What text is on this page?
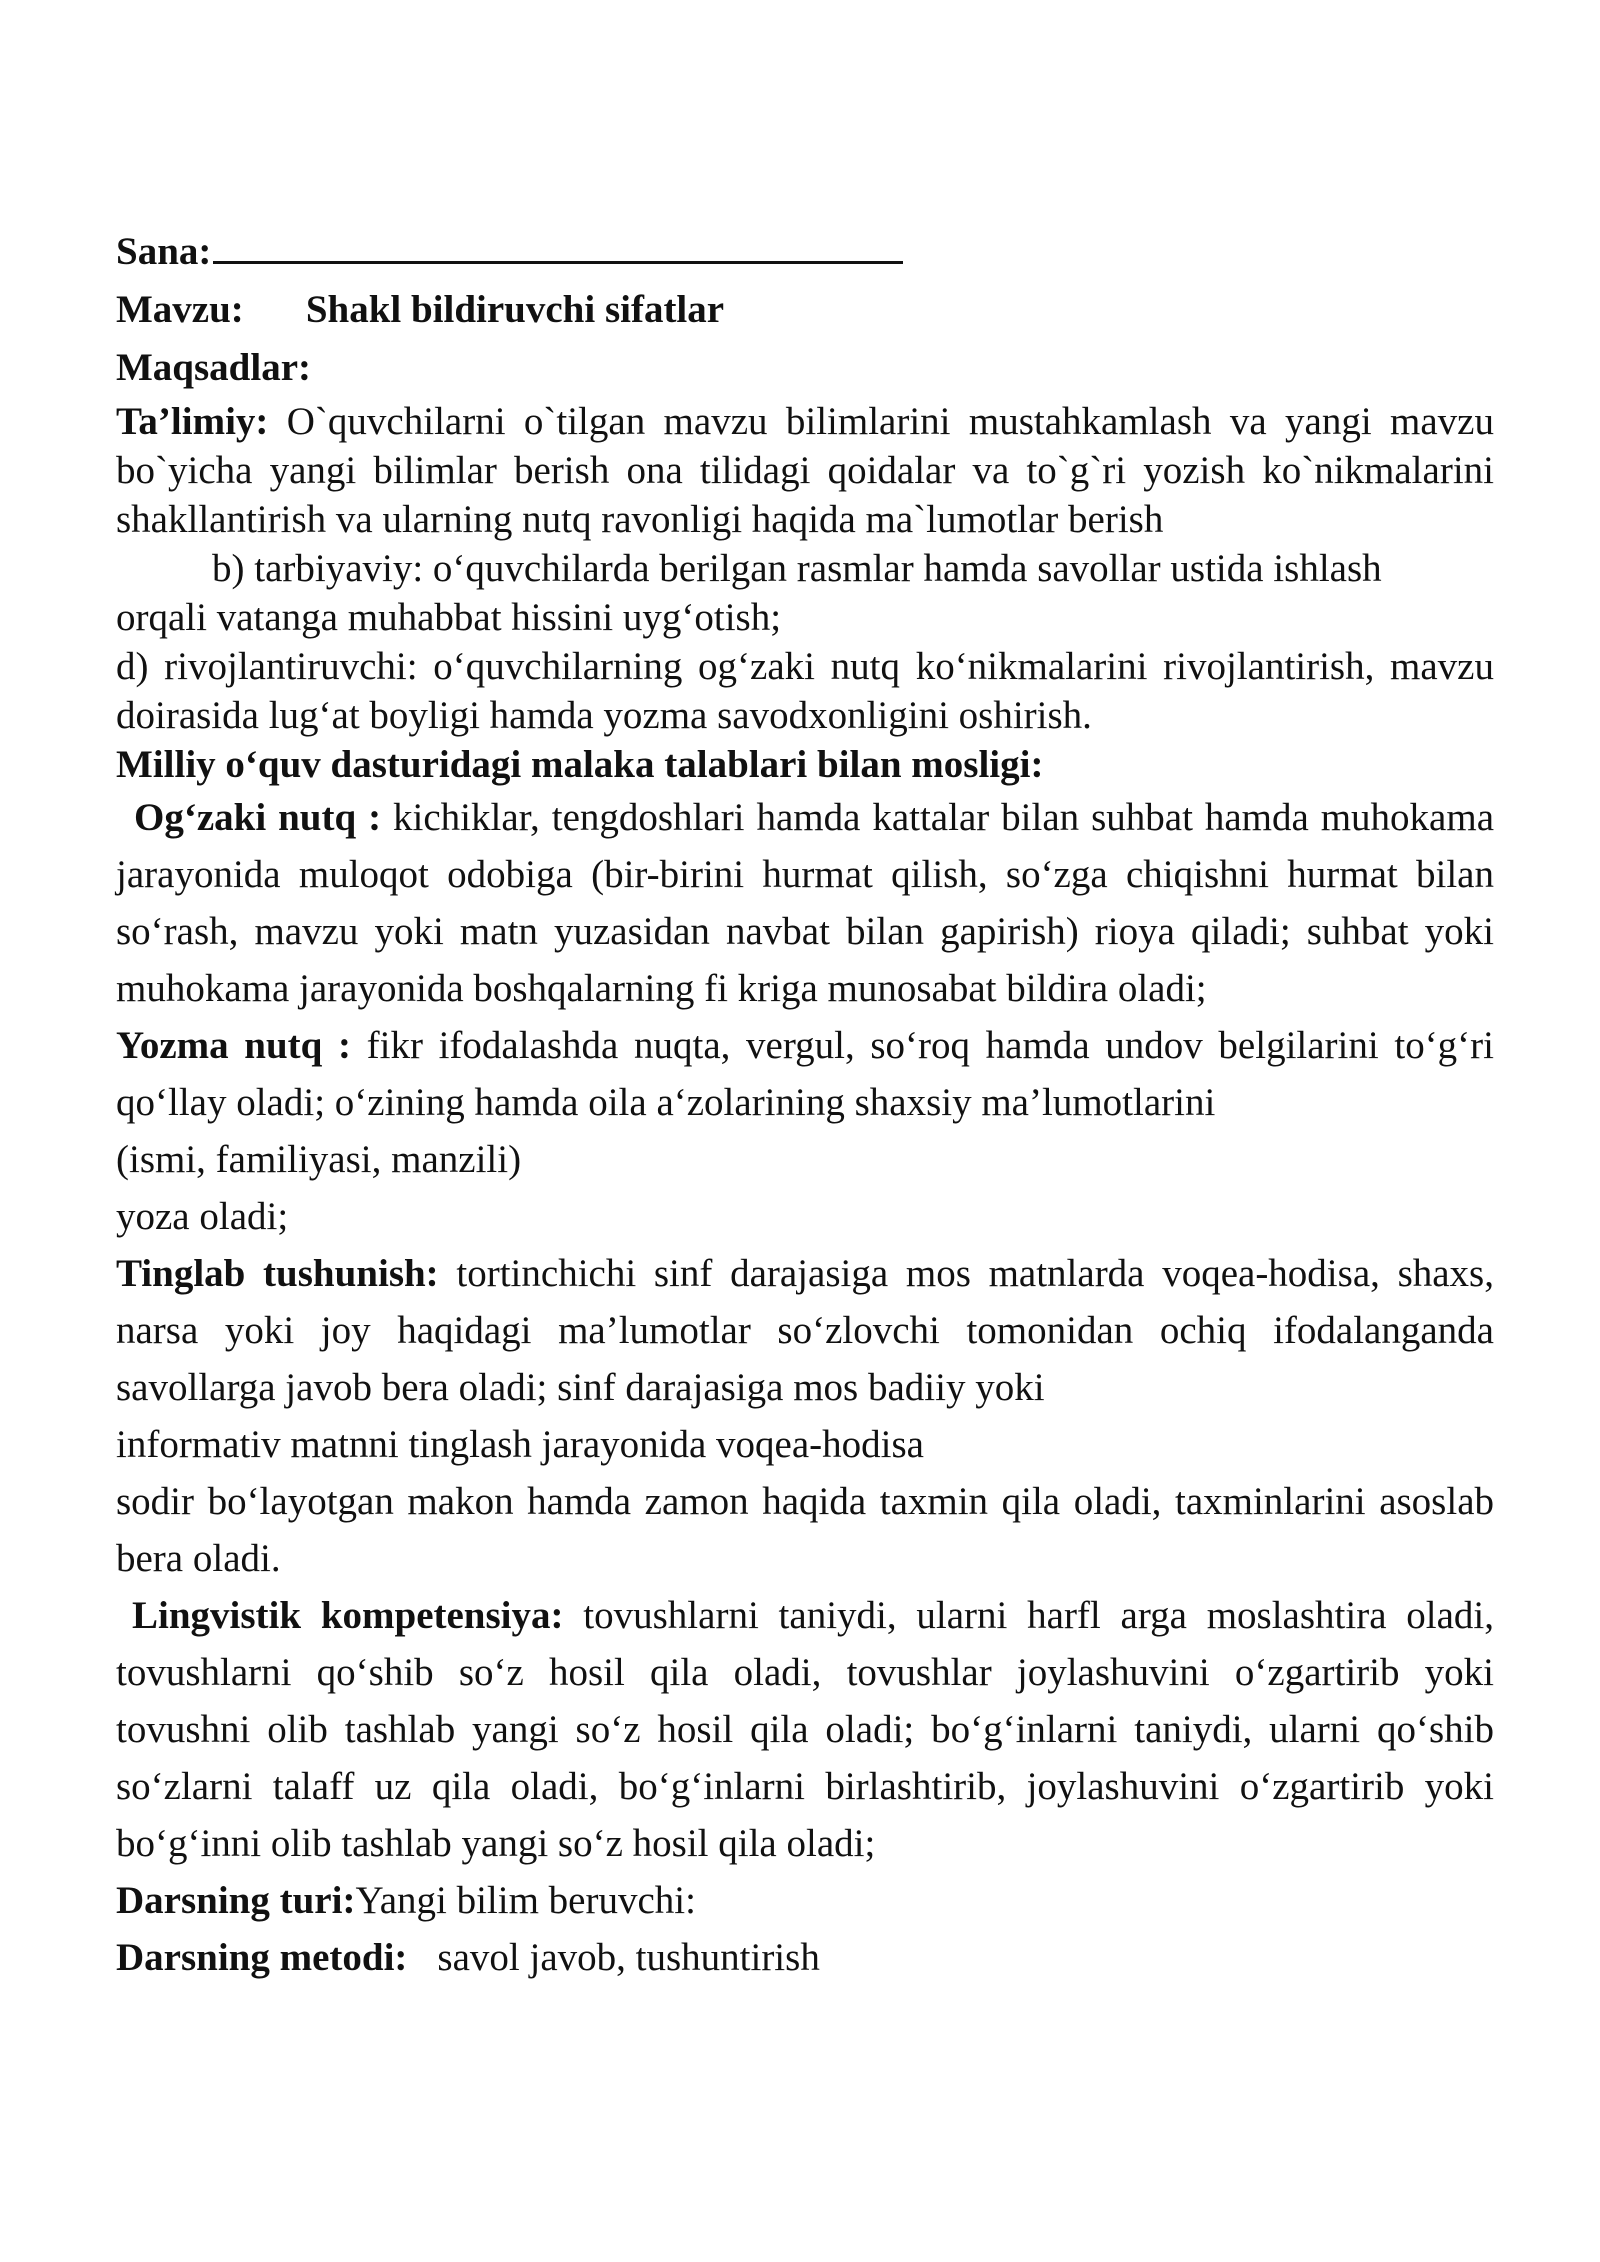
Sana:
Mavzu: Shakl bildiruvchi sifatlar
Maqsadlar:

Ta’limiy: O`quvchilarni o`tilgan mavzu bilimlarini mustahkamlash va yangi mavzu bo`yicha yangi bilimlar berish ona tilidagi qoidalar va to`g`ri yozish ko`nikmalarini shakllantirish va ularning nutq ravonligi haqida ma`lumotlar berish

b) tarbiyaviy: o‘quvchilarda berilgan rasmlar hamda savollar ustida ishlash

orqali vatanga muhabbat hissini uyg‘otish;

d) rivojlantiruvchi: o‘quvchilarning og‘zaki nutq ko‘nikmalarini rivojlantirish, mavzu doirasida lug‘at boyligi hamda yozma savodxonligini oshirish.

Milliy o‘quv dasturidagi malaka talablari bilan mosligi:

Og‘zaki nutq : kichiklar, tengdoshlari hamda kattalar bilan suhbat hamda muhokama jarayonida muloqot odobiga (bir-birini hurmat qilish, so‘zga chiqishni hurmat bilan so‘rash, mavzu yoki matn yuzasidan navbat bilan gapirish) rioya qiladi; suhbat yoki muhokama jarayonida boshqalarning fi kriga munosabat bildira oladi;

Yozma nutq : fikr ifodalashda nuqta, vergul, so‘roq hamda undov belgilarini to‘g‘ri qo‘llay oladi; o‘zining hamda oila a‘zolarining shaxsiy ma’lumotlarini

(ismi, familiyasi, manzili)

yoza oladi;

Tinglab tushunish: tortinchichi sinf darajasiga mos matnlarda voqea-hodisa, shaxs, narsa yoki joy haqidagi ma’lumotlar so‘zlovchi tomonidan ochiq ifodalanganda savollarga javob bera oladi; sinf darajasiga mos badiiy yoki

informativ matnni tinglash jarayonida voqea-hodisa

sodir bo‘layotgan makon hamda zamon haqida taxmin qila oladi, taxminlarini asoslab bera oladi.

Lingvistik kompetensiya: tovushlarni taniydi, ularni harfl arga moslashtira oladi, tovushlarni qo‘shib so‘z hosil qila oladi, tovushlar joylashuvini o‘zgartirib yoki tovushni olib tashlab yangi so‘z hosil qila oladi; bo‘g‘inlarni taniydi, ularni qo‘shib so‘zlarni talaff uz qila oladi, bo‘g‘inlarni birlashtirib, joylashuvini o‘zgartirib yoki bo‘g‘inni olib tashlab yangi so‘z hosil qila oladi;

Darsning turi:Yangi bilim beruvchi:

Darsning metodi: savol javob, tushuntirish
